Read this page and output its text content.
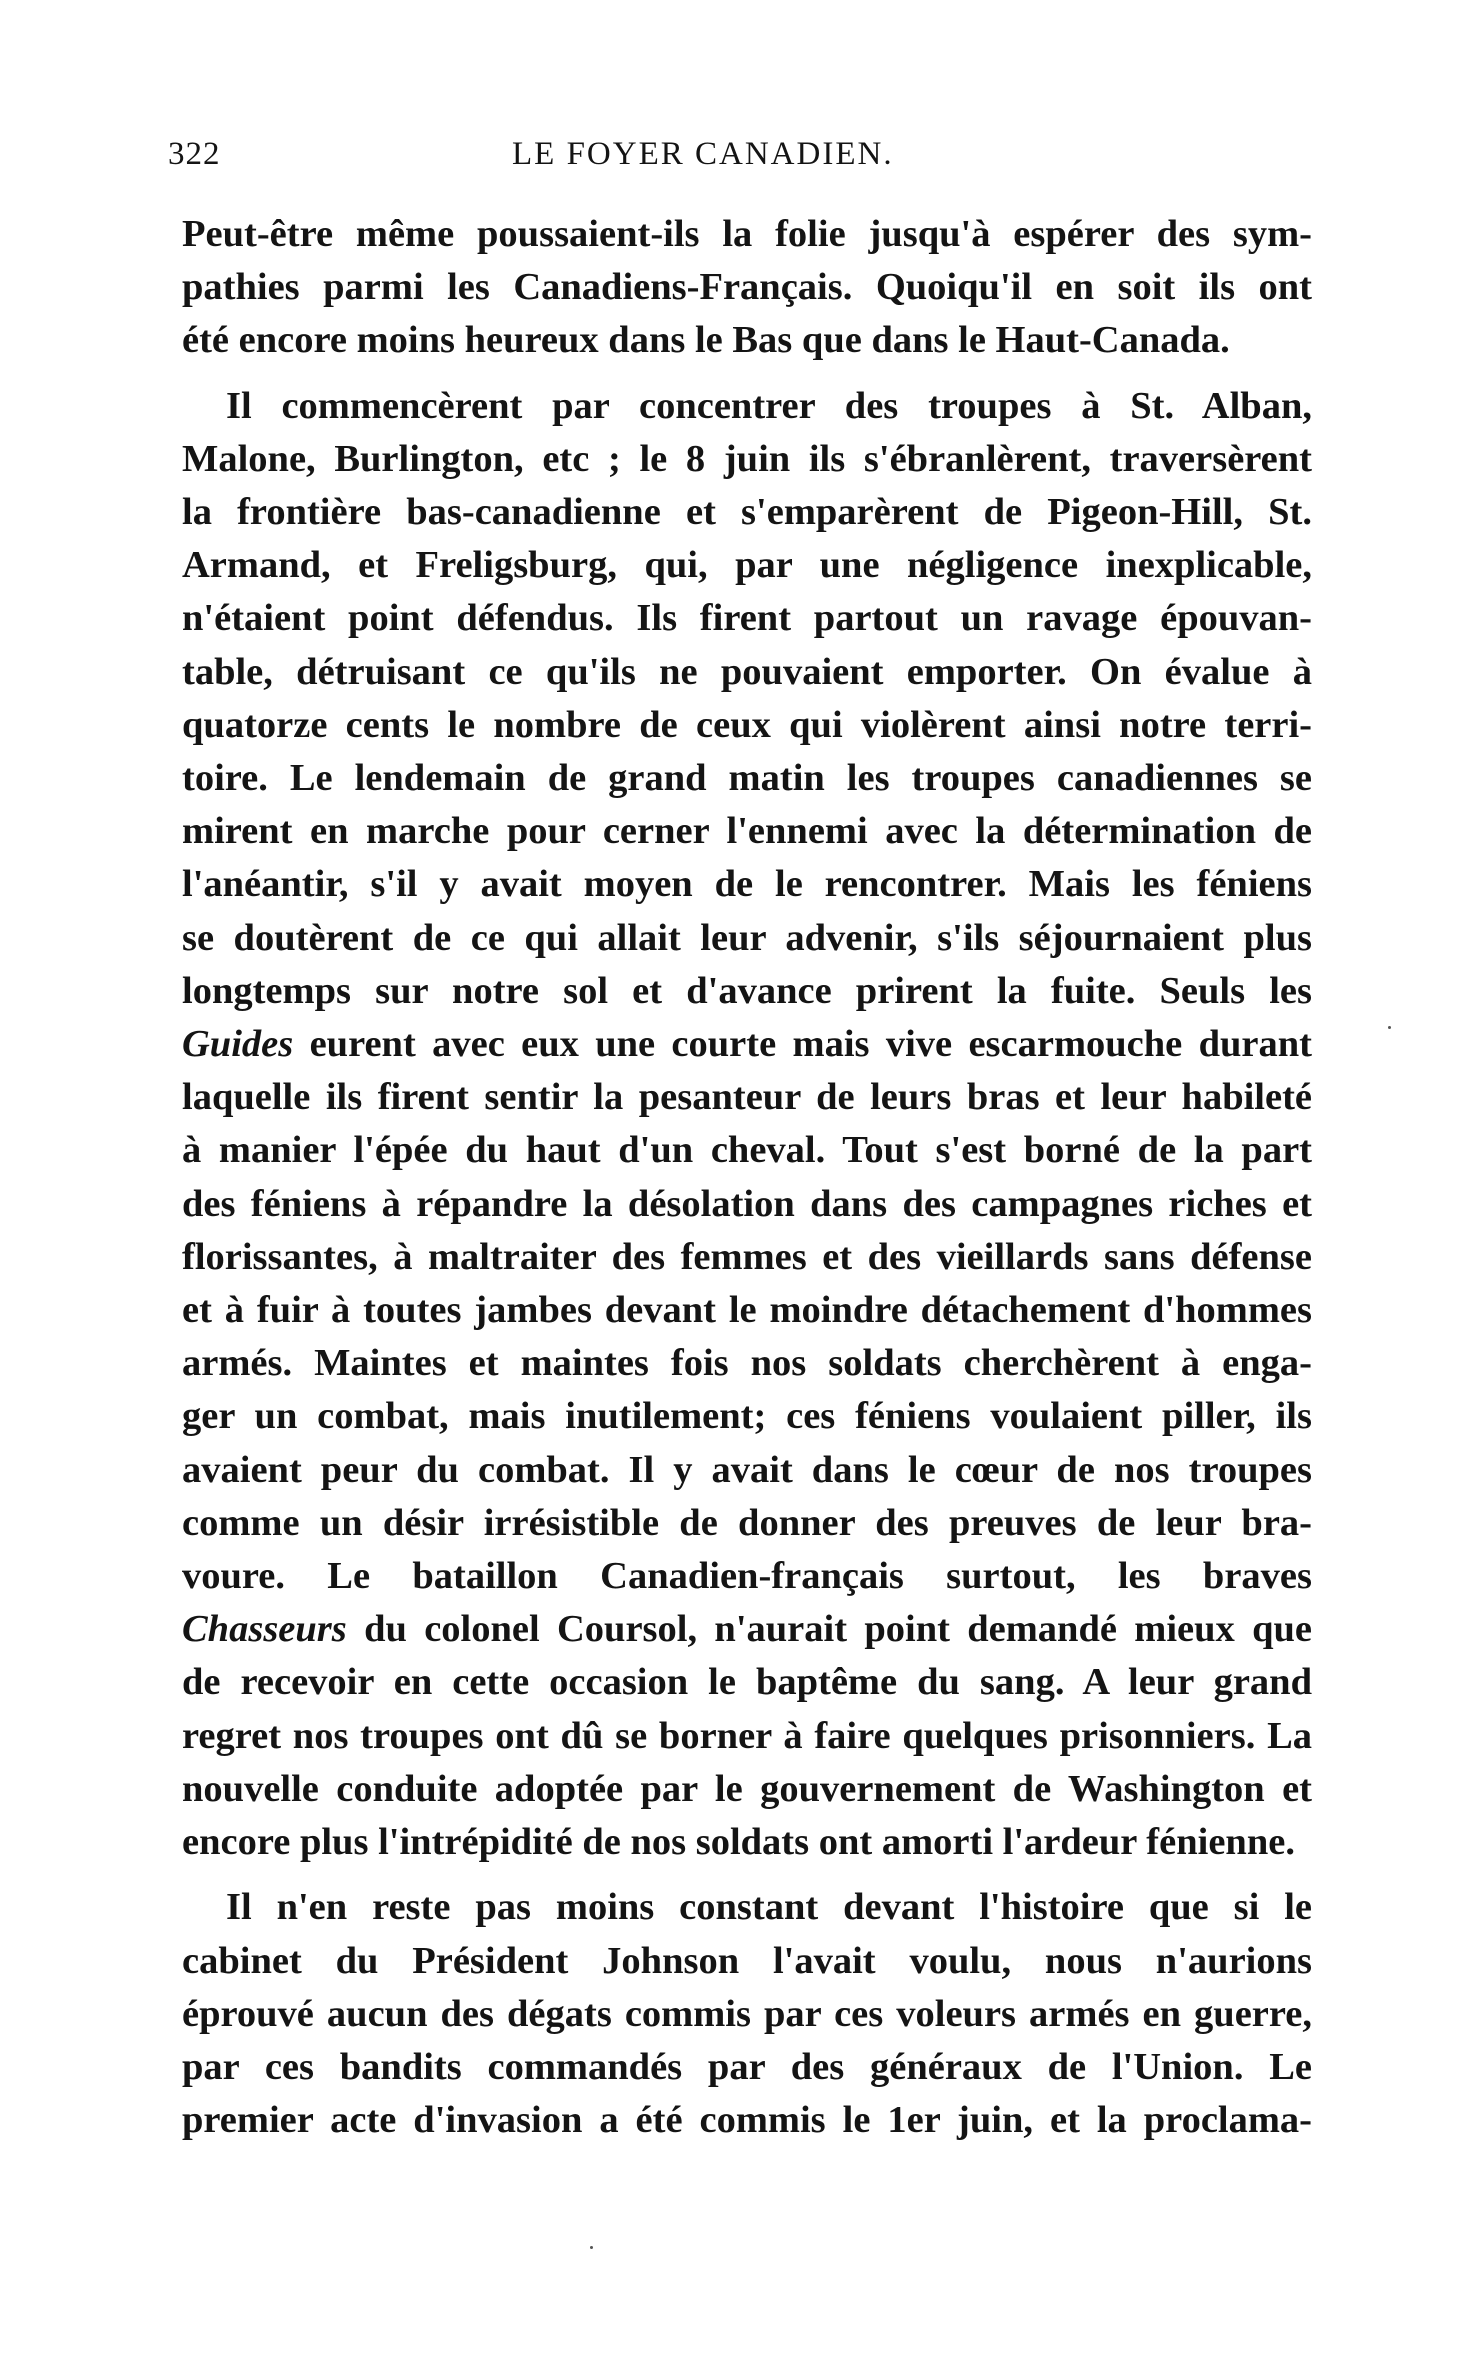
322	LE FOYER CANADIEN.
Peut-être même poussaient-ils la folie jusqu'à espérer des sym-
pathies parmi les Canadiens-Français. Quoiqu'il en soit ils ont
été encore moins heureux dans le Bas que dans le Haut-Canada.
Il commencèrent par concentrer des troupes à St. Alban,
Malone, Burlington, etc ; le 8 juin ils s'ébranlèrent, traversèrent
la frontière bas-canadienne et s'emparèrent de Pigeon-Hill, St.
Armand, et Freligsburg, qui, par une négligence inexplicable,
n'étaient point défendus. Ils firent partout un ravage épouvan-
table, détruisant ce qu'ils ne pouvaient emporter. On évalue à
quatorze cents le nombre de ceux qui violèrent ainsi notre terri-
toire. Le lendemain de grand matin les troupes canadiennes se
mirent en marche pour cerner l'ennemi avec la détermination de
l'anéantir, s'il y avait moyen de le rencontrer. Mais les féniens
se doutèrent de ce qui allait leur advenir, s'ils séjournaient plus
longtemps sur notre sol et d'avance prirent la fuite. Seuls les
Guides eurent avec eux une courte mais vive escarmouche durant
laquelle ils firent sentir la pesanteur de leurs bras et leur habileté
à manier l'épée du haut d'un cheval. Tout s'est borné de la part
des féniens à répandre la désolation dans des campagnes riches et
florissantes, à maltraiter des femmes et des vieillards sans défense
et à fuir à toutes jambes devant le moindre détachement d'hommes
armés. Maintes et maintes fois nos soldats cherchèrent à enga-
ger un combat, mais inutilement; ces féniens voulaient piller, ils
avaient peur du combat. Il y avait dans le cœur de nos troupes
comme un désir irrésistible de donner des preuves de leur bra-
voure. Le bataillon Canadien-français surtout, les braves
Chasseurs du colonel Coursol, n'aurait point demandé mieux que
de recevoir en cette occasion le baptême du sang. A leur grand
regret nos troupes ont dû se borner à faire quelques prisonniers. La
nouvelle conduite adoptée par le gouvernement de Washington et
encore plus l'intrépidité de nos soldats ont amorti l'ardeur fénienne.
Il n'en reste pas moins constant devant l'histoire que si le
cabinet du Président Johnson l'avait voulu, nous n'aurions
éprouvé aucun des dégats commis par ces voleurs armés en guerre,
par ces bandits commandés par des généraux de l'Union. Le
premier acte d'invasion a été commis le 1er juin, et la proclama-
